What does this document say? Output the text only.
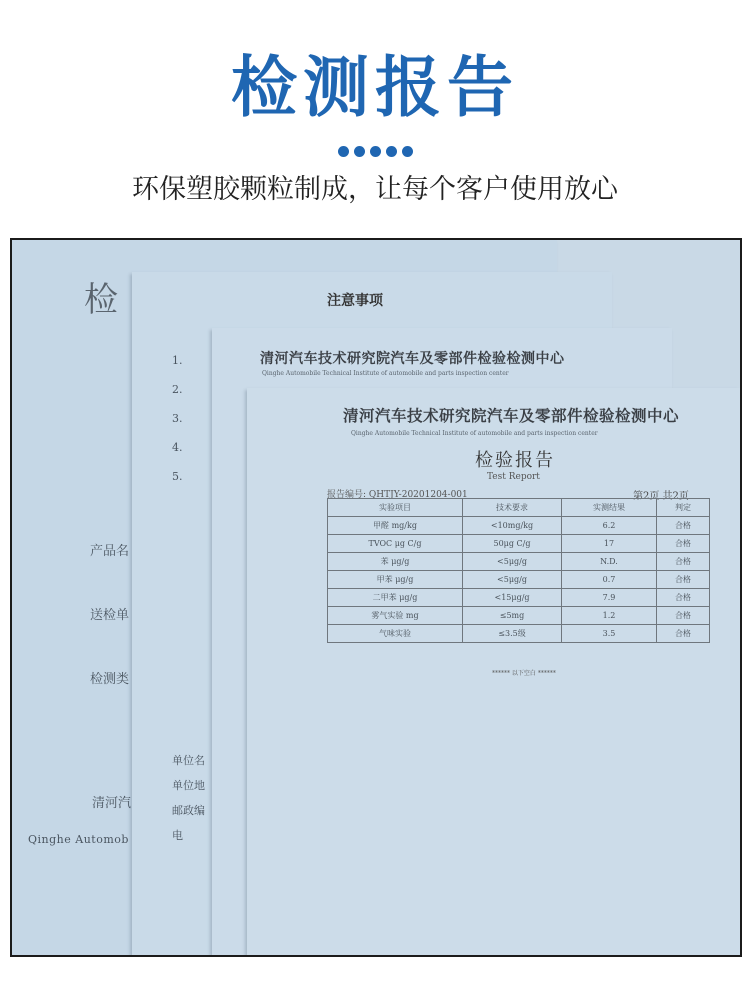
检测报告
环保塑胶颗粒制成，让每个客户使用放心
检
产品名
送检单
检测类
清河汽
Qinghe Automob
注意事项
1.
2.
3.
4.
5.
单位名
单位地
邮政编
电
清河汽车技术研究院汽车及零部件检验检测中心
Qinghe Automobile Technical Institute of automobile and parts inspection center
清河汽车技术研究院汽车及零部件检验检测中心
Qinghe Automobile Technical Institute of automobile and parts inspection center
检验报告
Test Report
报告编号: QHTJY-20201204-001	第2页 共2页
实验项目	技术要求	实测结果	判定
甲醛 mg/kg	<10mg/kg	6.2	合格
TVOC μg C/g	50μg C/g	17	合格
苯 μg/g	<5μg/g	N.D.	合格
甲苯 μg/g	<5μg/g	0.7	合格
二甲苯 μg/g	<15μg/g	7.9	合格
雾气实验 mg	≤5mg	1.2	合格
气味实验	≤3.5级	3.5	合格
****** 以下空白 ******
